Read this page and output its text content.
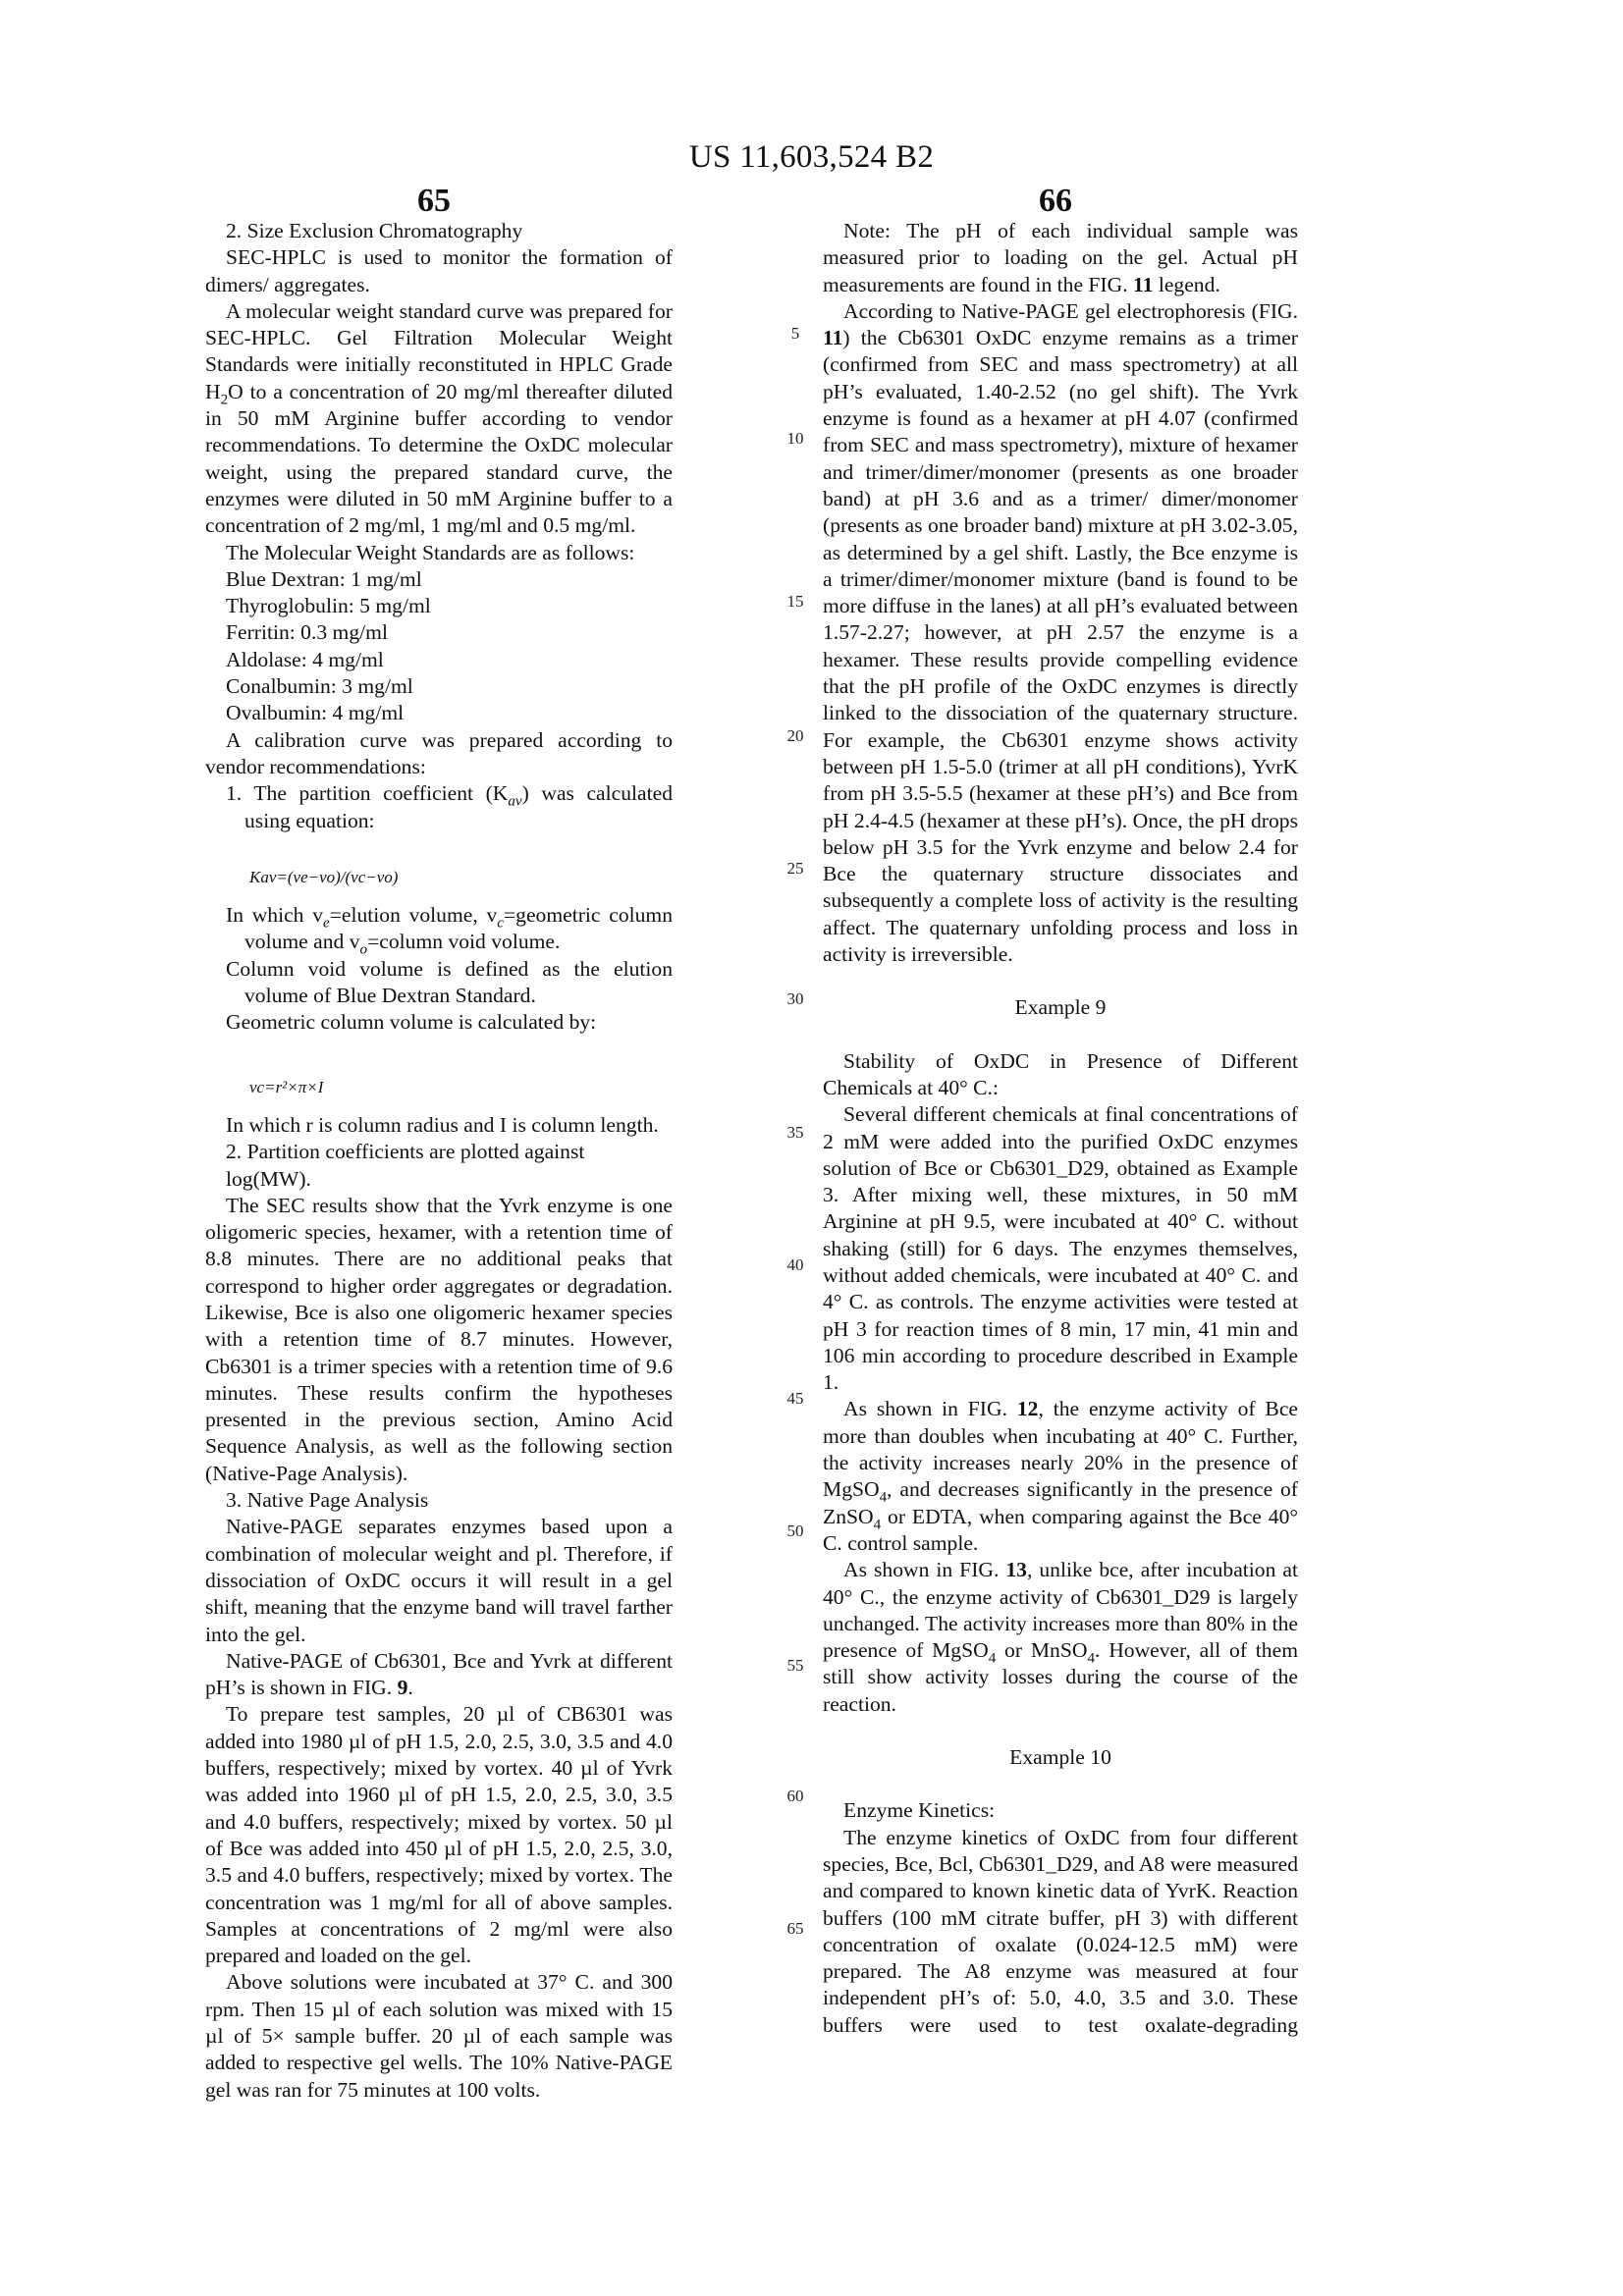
US 11,603,524 B2
65	66
5
10
15
20
25
30
35
40
45
50
55
60
65

2. Size Exclusion Chromatography

SEC-HPLC is used to monitor the formation of dimers/ aggregates.

A molecular weight standard curve was prepared for SEC-HPLC. Gel Filtration Molecular Weight Standards were initially reconstituted in HPLC Grade $H_2O$ to a concentration of 20 mg/ml thereafter diluted in 50 mM Arginine buffer according to vendor recommendations. To determine the OxDC molecular weight, using the prepared standard curve, the enzymes were diluted in 50 mM Arginine buffer to a concentration of 2 mg/ml, 1 mg/ml and 0.5 mg/ml.

The Molecular Weight Standards are as follows:

Blue Dextran: 1 mg/ml

Thyroglobulin: 5 mg/ml

Ferritin: 0.3 mg/ml

Aldolase: 4 mg/ml

Conalbumin: 3 mg/ml

Ovalbumin: 4 mg/ml

A calibration curve was prepared according to vendor recommendations:

1. The partition coefficient $(K_{av})$ was calculated using equation:

Kav=(ve−vo)/(vc−vo)

In which $v_e=elution$ volume, $v_c=geometric$ column volume and $v_o=column$ void volume.

Column void volume is defined as the elution volume of Blue Dextran Standard.

Geometric column volume is calculated by:

vc=r²×π×I

In which r is column radius and I is column length.

2. Partition coefficients are plotted against log(MW).

The SEC results show that the Yvrk enzyme is one oligomeric species, hexamer, with a retention time of 8.8 minutes. There are no additional peaks that correspond to higher order aggregates or degradation. Likewise, Bce is also one oligomeric hexamer species with a retention time of 8.7 minutes. However, Cb6301 is a trimer species with a retention time of 9.6 minutes. These results confirm the hypotheses presented in the previous section, Amino Acid Sequence Analysis, as well as the following section (Native-Page Analysis).

3. Native Page Analysis

Native-PAGE separates enzymes based upon a combination of molecular weight and pl. Therefore, if dissociation of OxDC occurs it will result in a gel shift, meaning that the enzyme band will travel farther into the gel.

Native-PAGE of Cb6301, Bce and Yvrk at different pH’s is shown in FIG. 9.

To prepare test samples, 20 µl of CB6301 was added into 1980 µl of pH 1.5, 2.0, 2.5, 3.0, 3.5 and 4.0 buffers, respectively; mixed by vortex. 40 µl of Yvrk was added into 1960 µl of pH 1.5, 2.0, 2.5, 3.0, 3.5 and 4.0 buffers, respectively; mixed by vortex. 50 µl of Bce was added into 450 µl of pH 1.5, 2.0, 2.5, 3.0, 3.5 and 4.0 buffers, respectively; mixed by vortex. The concentration was 1 mg/ml for all of above samples. Samples at concentrations of 2 mg/ml were also prepared and loaded on the gel.

Above solutions were incubated at 37° C. and 300 rpm. Then 15 µl of each solution was mixed with 15 µl of 5× sample buffer. 20 µl of each sample was added to respective gel wells. The 10% Native-PAGE gel was ran for 75 minutes at 100 volts.

Note: The pH of each individual sample was measured prior to loading on the gel. Actual pH measurements are found in the FIG. 11 legend.

According to Native-PAGE gel electrophoresis (FIG. 11) the Cb6301 OxDC enzyme remains as a trimer (confirmed from SEC and mass spectrometry) at all pH’s evaluated, 1.40-2.52 (no gel shift). The Yvrk enzyme is found as a hexamer at pH 4.07 (confirmed from SEC and mass spectrometry), mixture of hexamer and trimer/dimer/monomer (presents as one broader band) at pH 3.6 and as a trimer/ dimer/monomer (presents as one broader band) mixture at pH 3.02-3.05, as determined by a gel shift. Lastly, the Bce enzyme is a trimer/dimer/monomer mixture (band is found to be more diffuse in the lanes) at all pH’s evaluated between 1.57-2.27; however, at pH 2.57 the enzyme is a hexamer. These results provide compelling evidence that the pH profile of the OxDC enzymes is directly linked to the dissociation of the quaternary structure. For example, the Cb6301 enzyme shows activity between pH 1.5-5.0 (trimer at all pH conditions), YvrK from pH 3.5-5.5 (hexamer at these pH’s) and Bce from pH 2.4-4.5 (hexamer at these pH’s). Once, the pH drops below pH 3.5 for the Yvrk enzyme and below 2.4 for Bce the quaternary structure dissociates and subsequently a complete loss of activity is the resulting affect. The quaternary unfolding process and loss in activity is irreversible.

Example 9

Stability of OxDC in Presence of Different Chemicals at 40° C.:

Several different chemicals at final concentrations of 2 mM were added into the purified OxDC enzymes solution of Bce or Cb6301_D29, obtained as Example 3. After mixing well, these mixtures, in 50 mM Arginine at pH 9.5, were incubated at 40° C. without shaking (still) for 6 days. The enzymes themselves, without added chemicals, were incubated at 40° C. and 4° C. as controls. The enzyme activities were tested at pH 3 for reaction times of 8 min, 17 min, 41 min and 106 min according to procedure described in Example 1.

As shown in FIG. 12, the enzyme activity of Bce more than doubles when incubating at 40° C. Further, the activity increases nearly 20% in the presence of MgSO$_4$, and decreases significantly in the presence of ZnSO$_4$ or EDTA, when comparing against the Bce 40° C. control sample.

As shown in FIG. 13, unlike bce, after incubation at 40° C., the enzyme activity of Cb6301_D29 is largely unchanged. The activity increases more than 80% in the presence of MgSO$_4$ or MnSO$_4$. However, all of them still show activity losses during the course of the reaction.

Example 10

Enzyme Kinetics:

The enzyme kinetics of OxDC from four different species, Bce, Bcl, Cb6301_D29, and A8 were measured and compared to known kinetic data of YvrK. Reaction buffers (100 mM citrate buffer, pH 3) with different concentration of oxalate (0.024-12.5 mM) were prepared. The A8 enzyme was measured at four independent pH’s of: 5.0, 4.0, 3.5 and 3.0. These buffers were used to test oxalate-degrading
